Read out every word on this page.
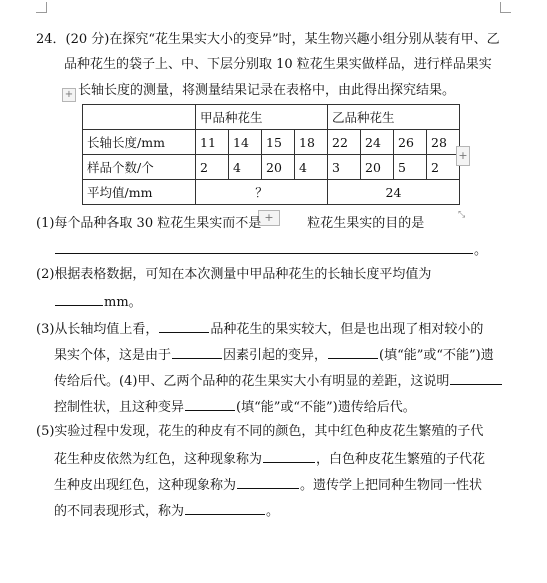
24．(20 分)在探究“花生果实大小的变异”时，某生物兴趣小组分别从装有甲、乙
品种花生的袋子上、中、下层分别取 10 粒花生果实做样品，进行样品果实
长轴长度的测量，将测量结果记录在表格中，由此得出探究结果。
+
	甲品种花生				乙品种花生			
长轴长度/mm	11	14	15	18	22	24	26	28
样品个数/个	2	4	20	4	3	20	5	2
平均值/mm	？				24			
+
+	⤡
(1)每个品种各取 30 粒花生果实而不是	粒花生果实的目的是
。
(2)根据表格数据，可知在本次测量中甲品种花生的长轴长度平均值为
mm。
(3)从长轴均值上看，	品种花生的果实较大，但是也出现了相对较小的
果实个体，这是由于	因素引起的变异，	(填“能”或“不能”)遗
传给后代。(4)甲、乙两个品种的花生果实大小有明显的差距，这说明
控制性状，且这种变异	(填“能”或“不能”)遗传给后代。
(5)实验过程中发现，花生的种皮有不同的颜色，其中红色种皮花生繁殖的子代
花生种皮依然为红色，这种现象称为	，白色种皮花生繁殖的子代花
生种皮出现红色，这种现象称为	。遗传学上把同种生物同一性状
的不同表现形式，称为	。
